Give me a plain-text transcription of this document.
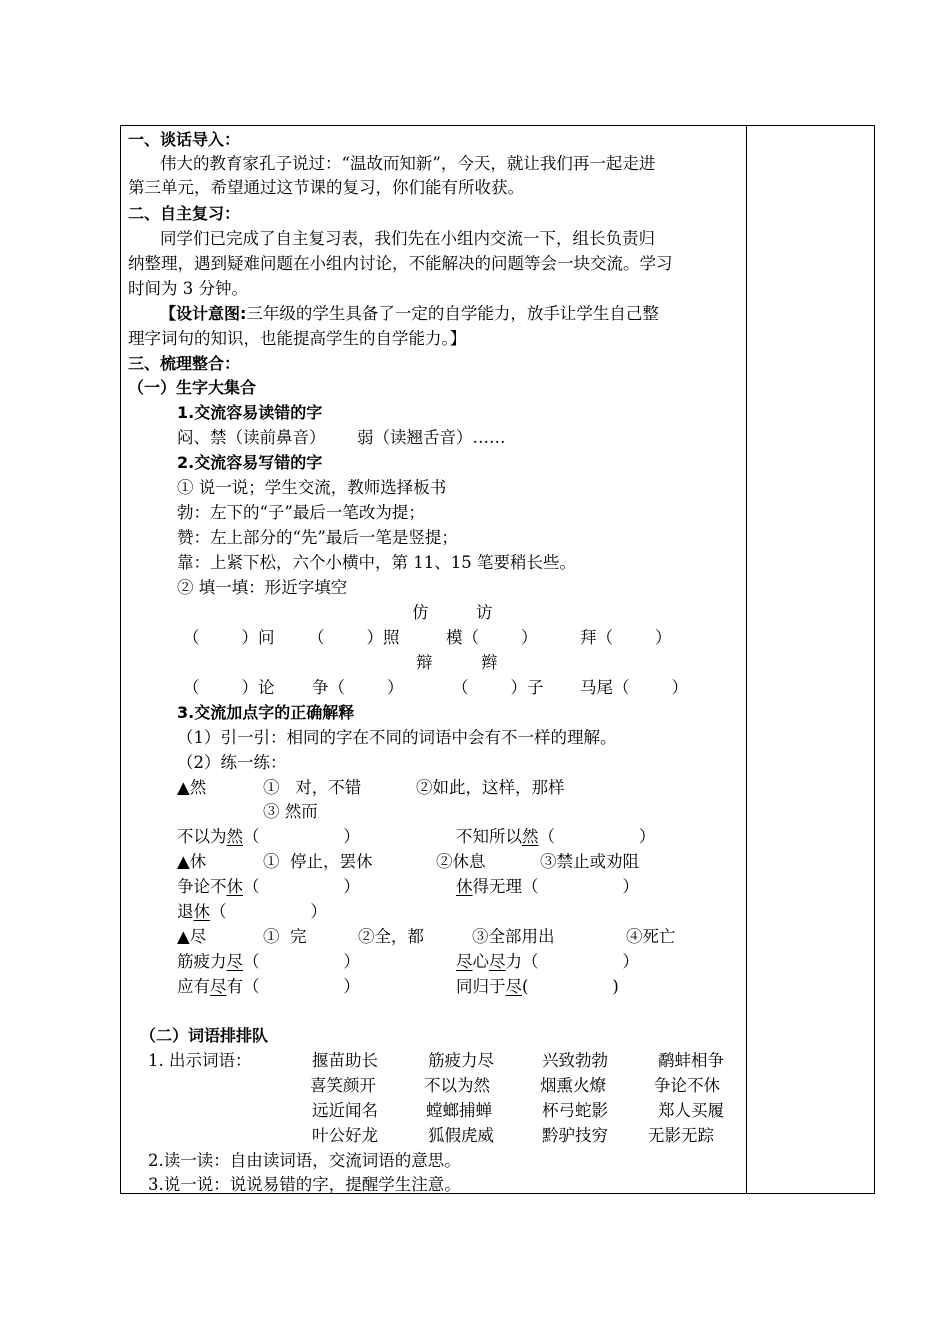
一、谈话导入：
伟大的教育家孔子说过：“温故而知新”，今天，就让我们再一起走进
第三单元，希望通过这节课的复习，你们能有所收获。
二、自主复习：
同学们已完成了自主复习表，我们先在小组内交流一下，组长负责归
纳整理，遇到疑难问题在小组内讨论，不能解决的问题等会一块交流。学习
时间为 3 分钟。
【设计意图:三年级的学生具备了一定的自学能力，放手让学生自己整
理字词句的知识，也能提高学生的自学能力。】
三、梳理整合：
（一）生字大集合
1.交流容易读错的字
闷、禁（读前鼻音）      弱（读翘舌音）……
2.交流容易写错的字
① 说一说；学生交流，教师选择板书
勃：左下的“子”最后一笔改为提；
赞：左上部分的“先”最后一笔是竖提；
靠：上紧下松，六个小横中，第 11、15 笔要稍长些。
② 填一填：形近字填空
仿	访
（        ）问 （        ）照	模（        ）	拜（        ）
辩	辫
（        ）论 争（        ）	（        ）子 马尾（        ）
3.交流加点字的正确解释
（1）引一引：相同的字在不同的词语中会有不一样的理解。
（2）练一练：
▲然	①   对，不错	②如此，这样，那样
③ 然而
不以为然（                ）	不知所以然（                ）
▲休	①  停止，罢休	②休息	③禁止或劝阻
争论不休（                ）	休得无理（                ）
退休（                ）
▲尽	①  完	②全，都	③全部用出	④死亡
筋疲力尽（                ）	尽心尽力（                ）
应有尽有（                ）	同归于尽(                )
（二）词语排排队
1. 出示词语：	揠苗助长	筋疲力尽	兴致勃勃	鹬蚌相争
喜笑颜开	不以为然	烟熏火燎	争论不休
远近闻名	螳螂捕蝉	杯弓蛇影	郑人买履
叶公好龙	狐假虎威	黔驴技穷 无影无踪
2.读一读：自由读词语，交流词语的意思。
3.说一说：说说易错的字，提醒学生注意。
